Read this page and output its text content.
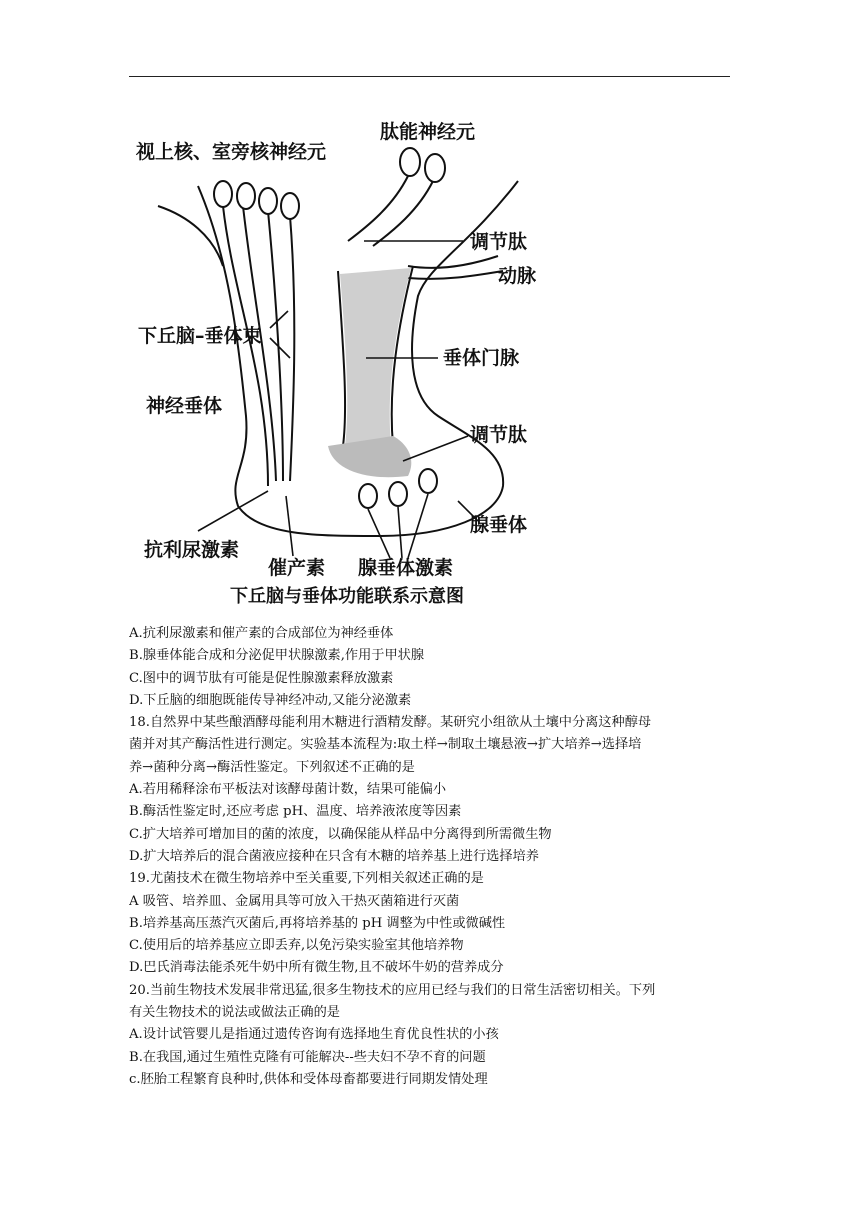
视上核、室旁核神经元
肽能神经元
调节肽
动脉
下丘脑–垂体束
垂体门脉
神经垂体
调节肽
腺垂体
抗利尿激素
催产素 腺垂体激素
下丘脑与垂体功能联系示意图
A.抗利尿激素和催产素的合成部位为神经垂体
B.腺垂体能合成和分泌促甲状腺激素,作用于甲状腺
C.图中的调节肽有可能是促性腺激素释放激素
D.下丘脑的细胞既能传导神经冲动,又能分泌激素
18.自然界中某些酿酒酵母能利用木糖进行酒精发酵。某研究小组欲从土壤中分离这种醇母
菌并对其产酶活性进行测定。实验基本流程为:取土样→制取土壤悬液→扩大培养→选择培
养→菌种分离→酶活性鉴定。下列叙述不正确的是
A.若用稀释涂布平板法对该酵母菌计数，结果可能偏小
B.酶活性鉴定时,还应考虑 pH、温度、培养液浓度等因素
C.扩大培养可增加目的菌的浓度，以确保能从样品中分离得到所需微生物
D.扩大培养后的混合菌液应接种在只含有木糖的培养基上进行选择培养
19.尤菌技术在微生物培养中至关重要,下列相关叙述正确的是
A 吸管、培养皿、金属用具等可放入干热灭菌箱进行灭菌
B.培养基高压蒸汽灭菌后,再将培养基的 pH 调整为中性或微碱性
C.使用后的培养基应立即丢弃,以免污染实验室其他培养物
D.巴氏消毒法能杀死牛奶中所有微生物,且不破坏牛奶的营养成分
20.当前生物技术发展非常迅猛,很多生物技术的应用已经与我们的日常生活密切相关。下列
有关生物技术的说法或做法正确的是
A.设计试管婴儿是指通过遗传咨询有选择地生育优良性状的小孩
B.在我国,通过生殖性克隆有可能解决--些夫妇不孕不育的问题
c.胚胎工程繁育良种时,供体和受体母畜都要进行同期发情处理
